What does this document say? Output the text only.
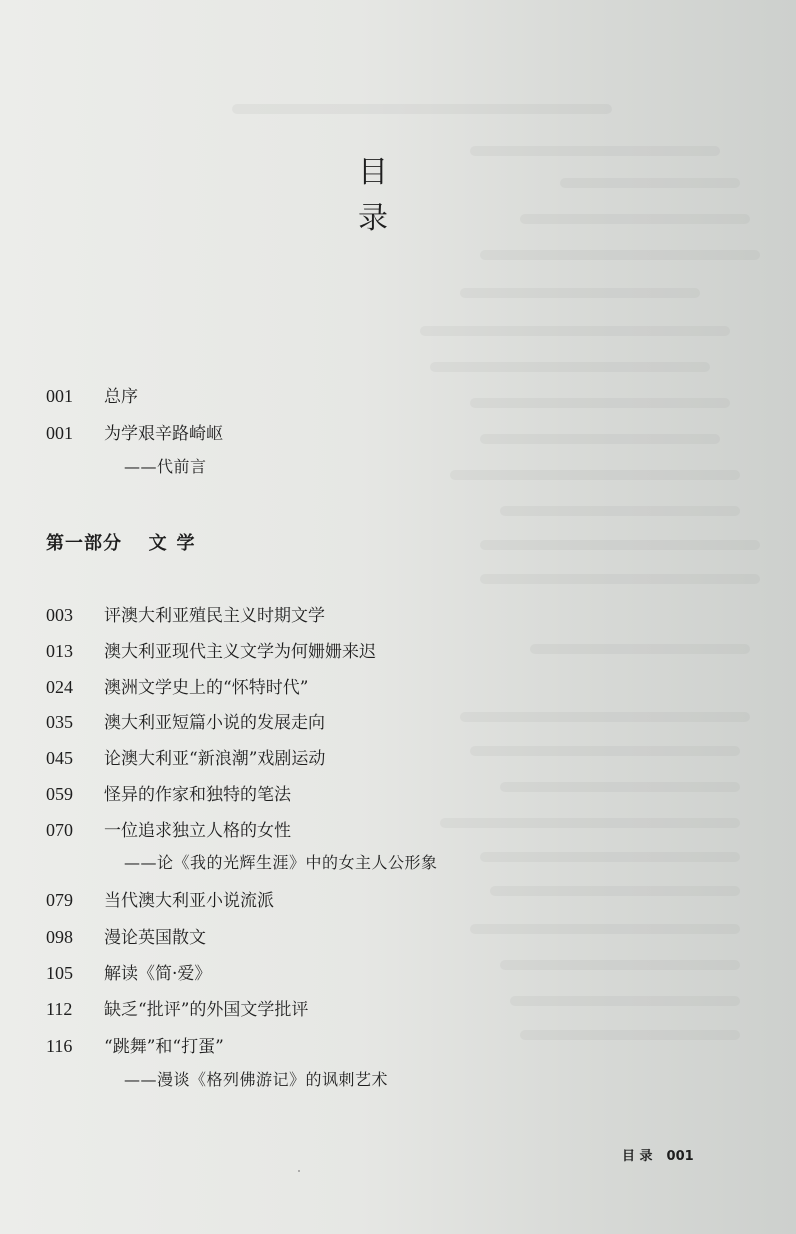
目
录
001 总序
001 为学艰辛路崎岖
——代前言
第一部分 文学
003 评澳大利亚殖民主义时期文学
013 澳大利亚现代主义文学为何姗姗来迟
024 澳洲文学史上的“怀特时代”
035 澳大利亚短篇小说的发展走向
045 论澳大利亚“新浪潮”戏剧运动
059 怪异的作家和独特的笔法
070 一位追求独立人格的女性
——论《我的光辉生涯》中的女主人公形象
079 当代澳大利亚小说流派
098 漫论英国散文
105 解读《简·爱》
112 缺乏“批评”的外国文学批评
116 “跳舞”和“打蛋”
——漫谈《格列佛游记》的讽刺艺术
目 录 001
